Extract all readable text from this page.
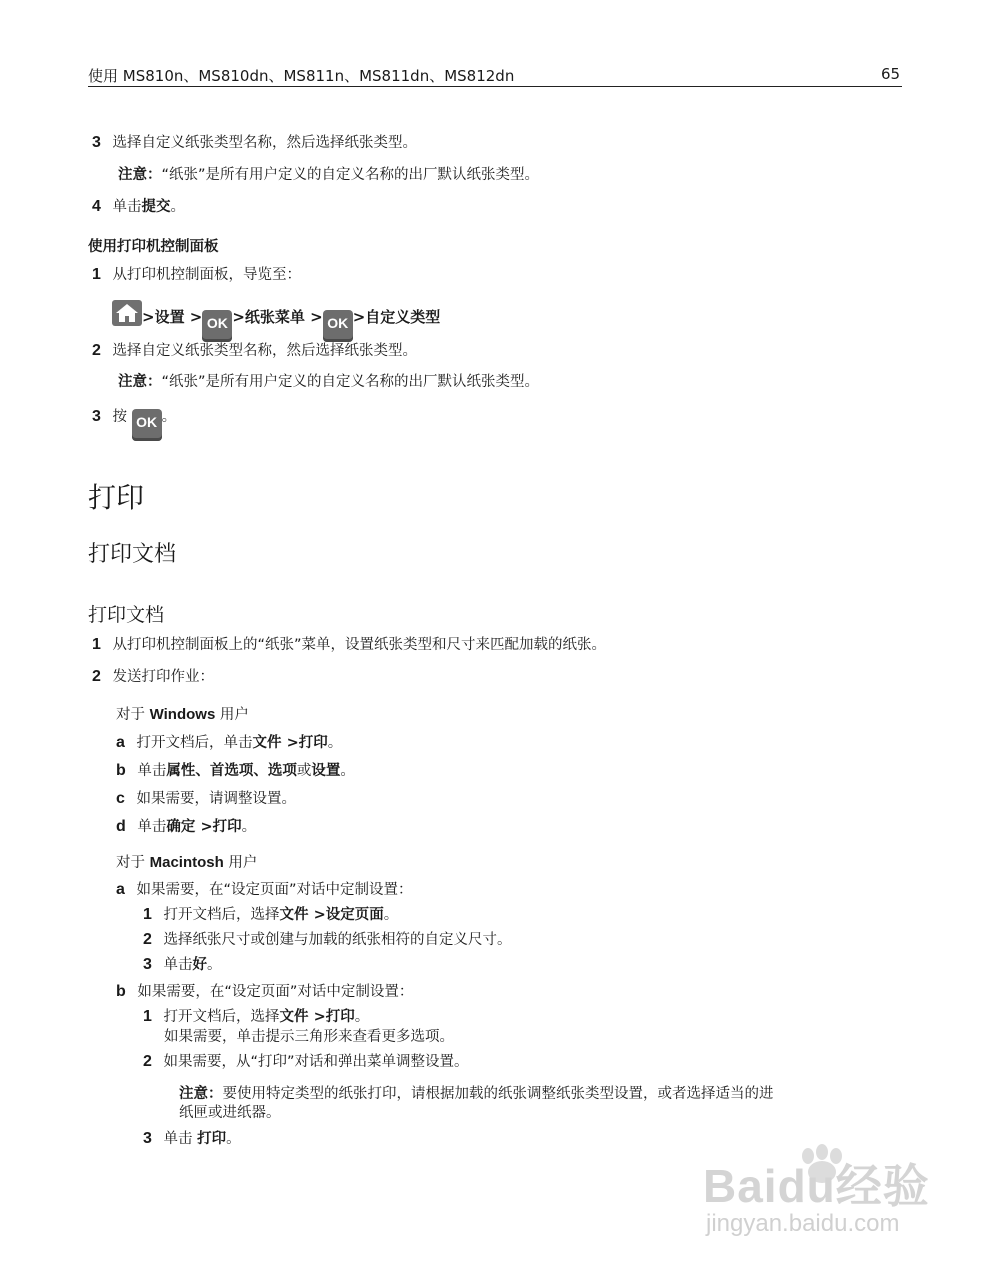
使用 MS810n、MS810dn、MS811n、MS811dn、MS812dn	65
3 选择自定义纸张类型名称，然后选择纸张类型。
注意：“纸张”是所有用户定义的自定义名称的出厂默认纸张类型。
4 单击提交。
使用打印机控制面板
1 从打印机控制面板，导览至：
>设置 > OK >纸张菜单 > OK >自定义类型
2 选择自定义纸张类型名称，然后选择纸张类型。
注意：“纸张”是所有用户定义的自定义名称的出厂默认纸张类型。
3 按 OK 。
打印
打印文档
打印文档
1 从打印机控制面板上的“纸张”菜单，设置纸张类型和尺寸来匹配加载的纸张。
2 发送打印作业：
对于 Windows 用户
a 打开文档后，单击文件 >打印。
b 单击属性、首选项、选项或设置。
c 如果需要，请调整设置。
d 单击确定 >打印。
对于 Macintosh 用户
a 如果需要，在“设定页面”对话中定制设置：
1 打开文档后，选择文件 >设定页面。
2 选择纸张尺寸或创建与加载的纸张相符的自定义尺寸。
3 单击好。
b 如果需要，在“设定页面”对话中定制设置：
1 打开文档后，选择文件 >打印。
如果需要，单击提示三角形来查看更多选项。
2 如果需要，从“打印”对话和弹出菜单调整设置。
注意：要使用特定类型的纸张打印，请根据加载的纸张调整纸张类型设置，或者选择适当的进
纸匣或进纸器。
3 单击 打印。
Baidu经验
jingyan.baidu.com
